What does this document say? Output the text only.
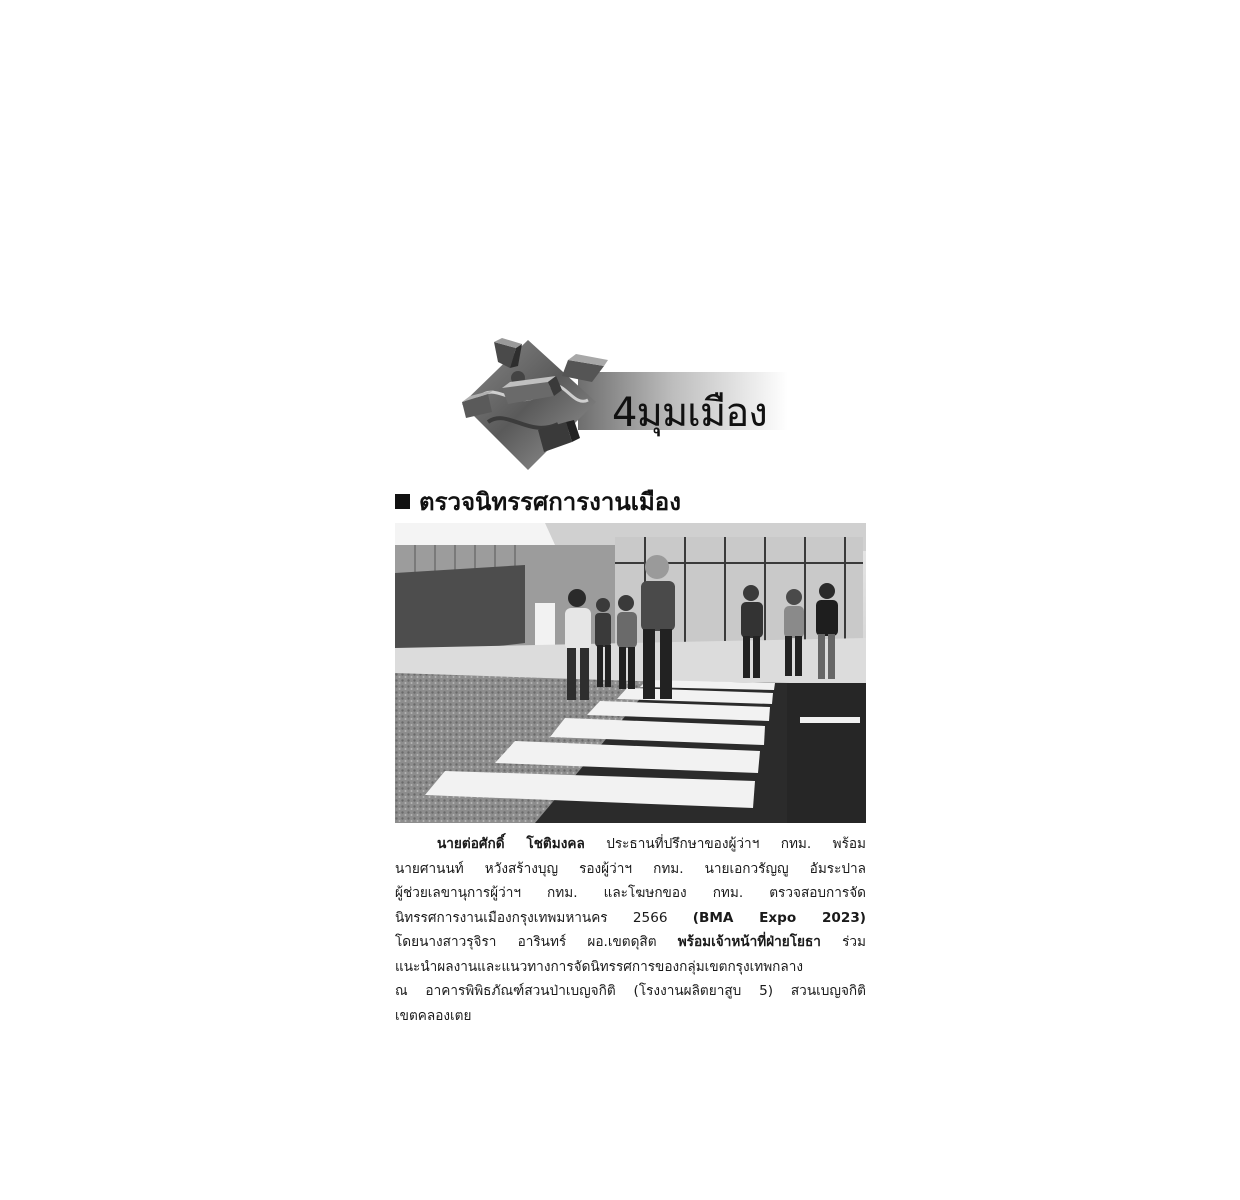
4มุมเมือง
ตรวจนิทรรศการงานเมือง
นายต่อศักดิ์ โชติมงคล ประธานที่ปรึกษาของผู้ว่าฯ กทม. พร้อม
นายศานนท์ หวังสร้างบุญ รองผู้ว่าฯ กทม. นายเอกวรัญญู อัมระปาล
ผู้ช่วยเลขานุการผู้ว่าฯ กทม. และโฆษกของ กทม. ตรวจสอบการจัด
นิทรรศการงานเมืองกรุงเทพมหานคร 2566 (BMA Expo 2023)
โดยนางสาวรุจิรา อารินทร์ ผอ.เขตดุสิต พร้อมเจ้าหน้าที่ฝ่ายโยธา ร่วม
แนะนำผลงานและแนวทางการจัดนิทรรศการของกลุ่มเขตกรุงเทพกลาง
ณ อาคารพิพิธภัณฑ์สวนป่าเบญจกิติ (โรงงานผลิตยาสูบ 5) สวนเบญจกิติ
เขตคลองเตย
